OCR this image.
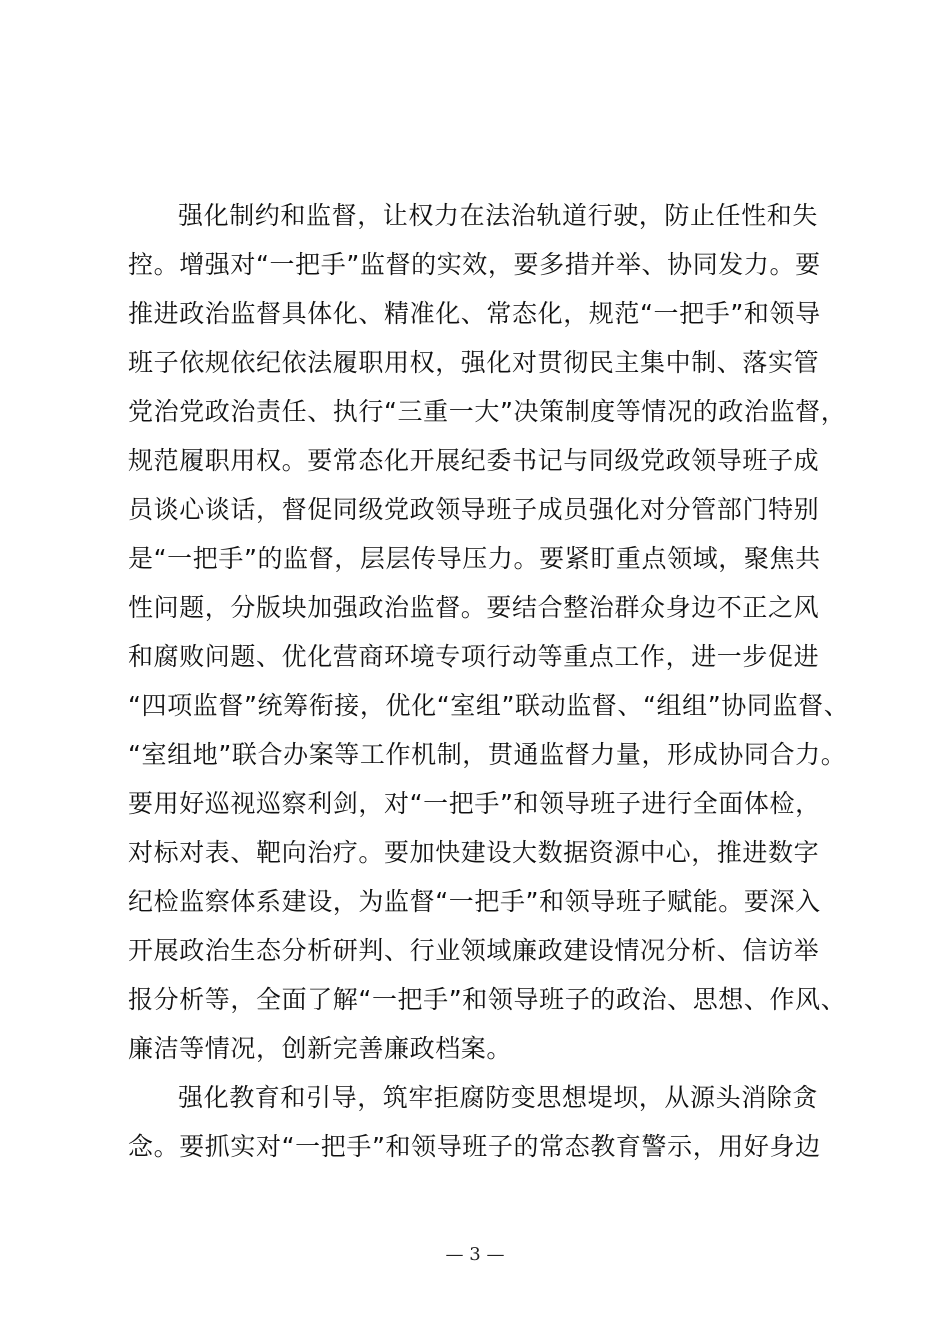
强化制约和监督，让权力在法治轨道行驶，防止任性和失
控。增强对“一把手”监督的实效，要多措并举、协同发力。要
推进政治监督具体化、精准化、常态化，规范“一把手”和领导
班子依规依纪依法履职用权，强化对贯彻民主集中制、落实管
党治党政治责任、执行“三重一大”决策制度等情况的政治监督，
规范履职用权。要常态化开展纪委书记与同级党政领导班子成
员谈心谈话，督促同级党政领导班子成员强化对分管部门特别
是“一把手”的监督，层层传导压力。要紧盯重点领域，聚焦共
性问题，分版块加强政治监督。要结合整治群众身边不正之风
和腐败问题、优化营商环境专项行动等重点工作，进一步促进
“四项监督”统筹衔接，优化“室组”联动监督、“组组”协同监督、
“室组地”联合办案等工作机制，贯通监督力量，形成协同合力。
要用好巡视巡察利剑，对“一把手”和领导班子进行全面体检，
对标对表、靶向治疗。要加快建设大数据资源中心，推进数字
纪检监察体系建设，为监督“一把手”和领导班子赋能。要深入
开展政治生态分析研判、行业领域廉政建设情况分析、信访举
报分析等，全面了解“一把手”和领导班子的政治、思想、作风、
廉洁等情况，创新完善廉政档案。
强化教育和引导，筑牢拒腐防变思想堤坝，从源头消除贪
念。要抓实对“一把手”和领导班子的常态教育警示，用好身边
— 3 —
